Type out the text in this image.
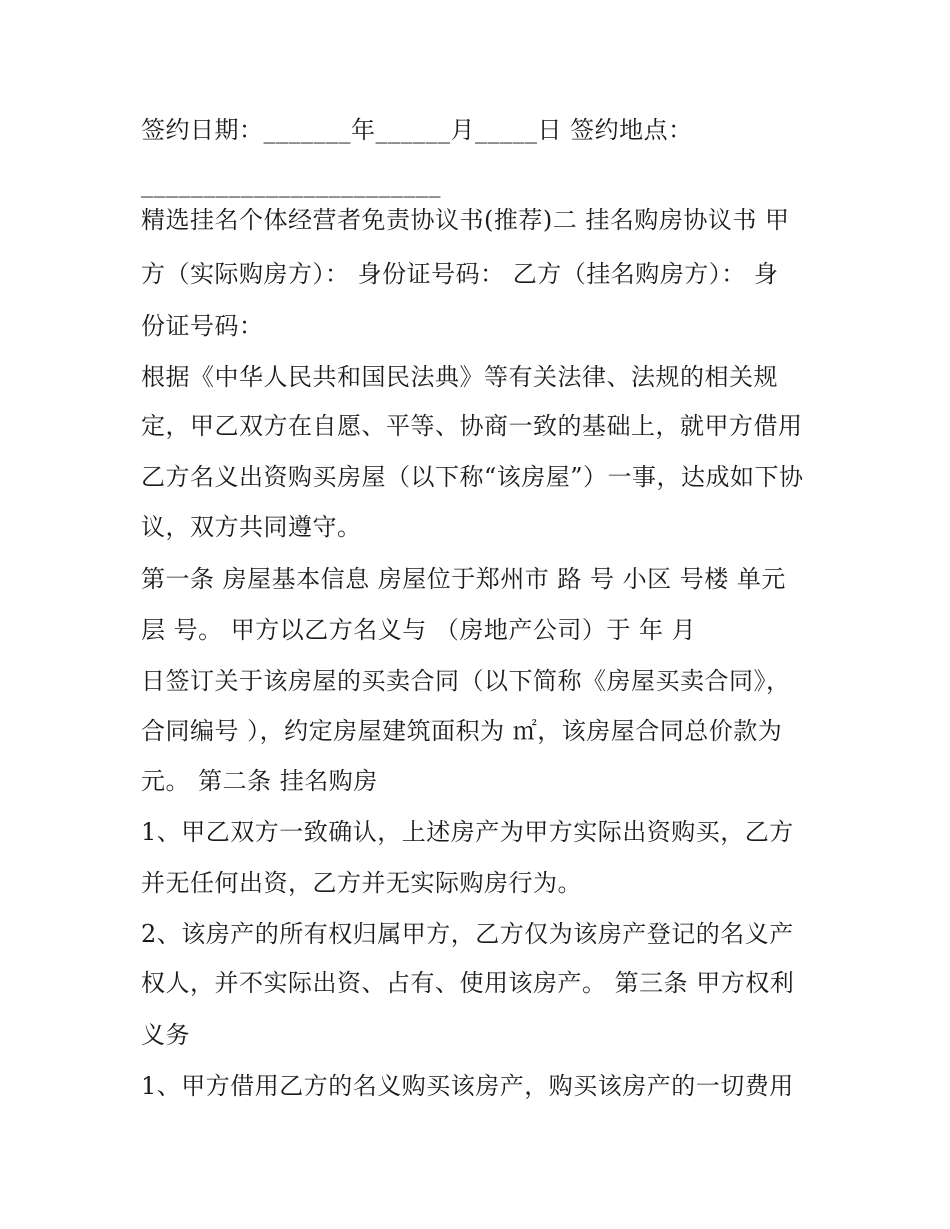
签约日期：_______年______月_____日 签约地点：
________________________
精选挂名个体经营者免责协议书(推荐)二 挂名购房协议书 甲
方（实际购房方）： 身份证号码： 乙方（挂名购房方）： 身
份证号码：
根据《中华人民共和国民法典》等有关法律、法规的相关规
定，甲乙双方在自愿、平等、协商一致的基础上，就甲方借用
乙方名义出资购买房屋（以下称“该房屋”）一事，达成如下协
议，双方共同遵守。
第一条 房屋基本信息 房屋位于郑州市 路 号 小区 号楼 单元
层 号。 甲方以乙方名义与 （房地产公司）于 年 月
日签订关于该房屋的买卖合同（以下简称《房屋买卖合同》，
合同编号 ），约定房屋建筑面积为 ㎡，该房屋合同总价款为
元。 第二条 挂名购房
1、甲乙双方一致确认，上述房产为甲方实际出资购买，乙方
并无任何出资，乙方并无实际购房行为。
2、该房产的所有权归属甲方，乙方仅为该房产登记的名义产
权人，并不实际出资、占有、使用该房产。 第三条 甲方权利
义务
1、甲方借用乙方的名义购买该房产，购买该房产的一切费用
